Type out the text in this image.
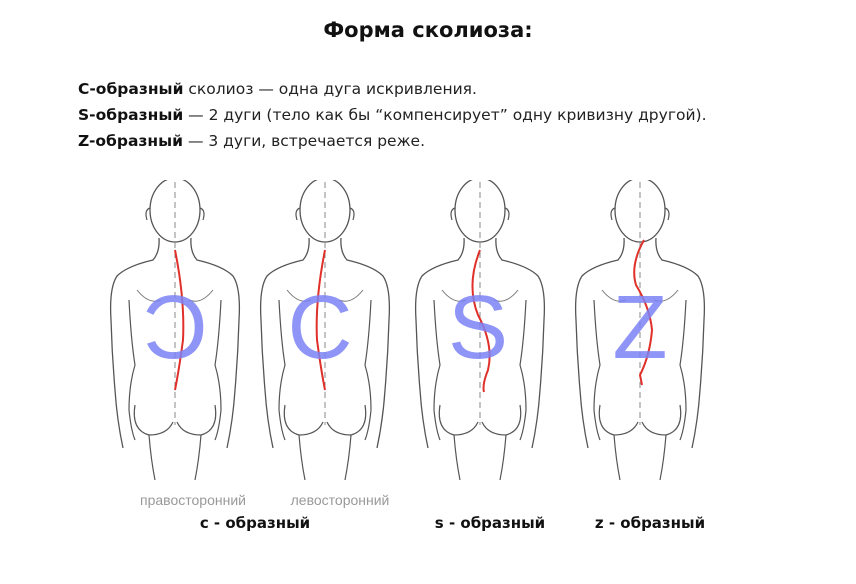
Форма сколиоза:
С-образный сколиоз — одна дуга искривления.
S-образный — 2 дуги (тело как бы “компенсирует” одну кривизну другой).
Z-образный — 3 дуги, встречается реже.
Ɔ C S Z
правосторонний	левосторонний
c - образный	s - образный	z - образный
